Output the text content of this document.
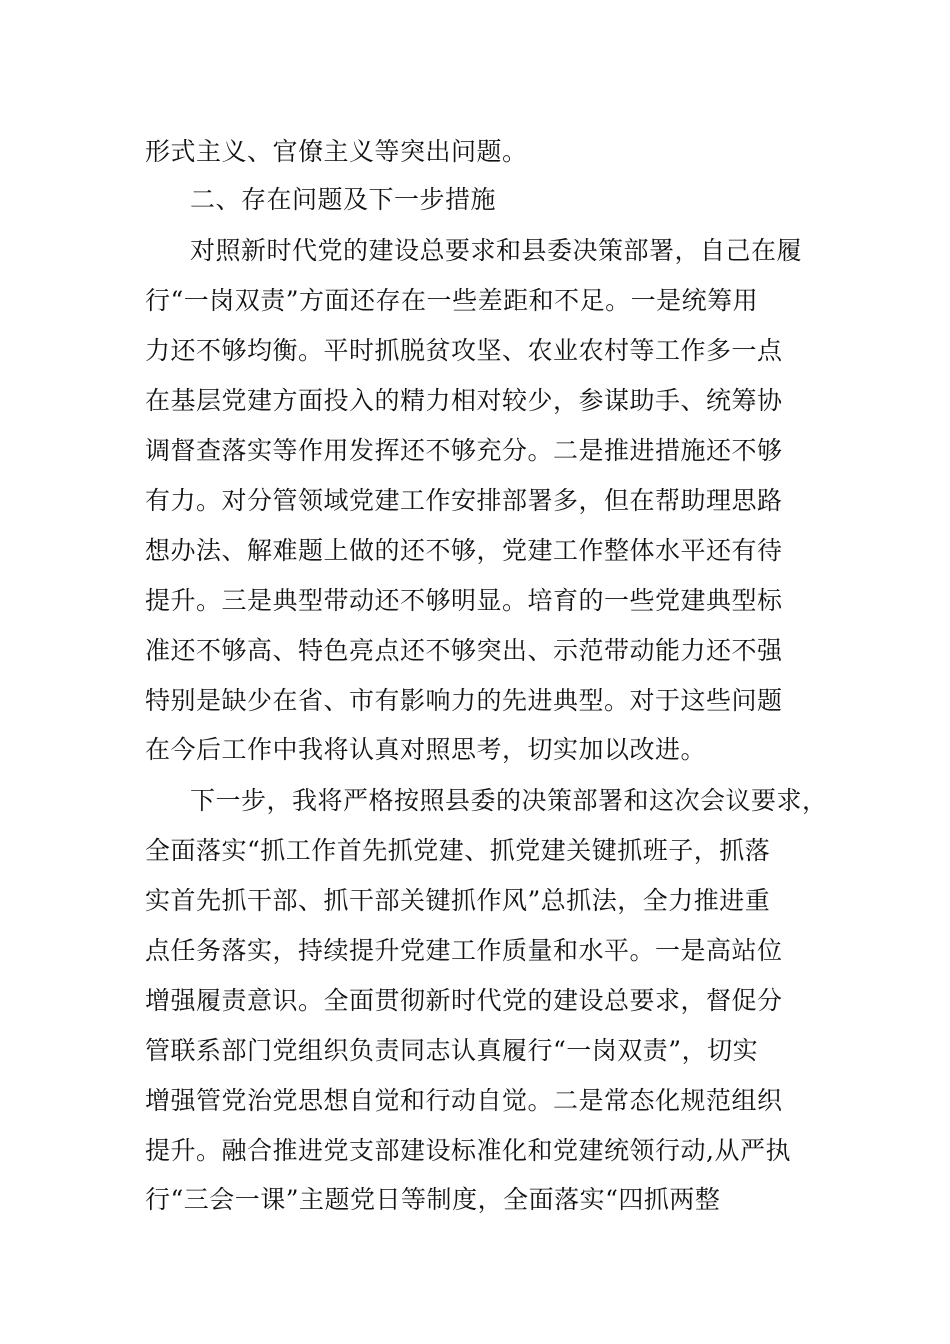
形式主义、官僚主义等突出问题。
二、存在问题及下一步措施
对照新时代党的建设总要求和县委决策部署，自己在履
行“一岗双责”方面还存在一些差距和不足。一是统筹用
力还不够均衡。平时抓脱贫攻坚、农业农村等工作多一点
在基层党建方面投入的精力相对较少，参谋助手、统筹协
调督查落实等作用发挥还不够充分。二是推进措施还不够
有力。对分管领域党建工作安排部署多，但在帮助理思路
想办法、解难题上做的还不够，党建工作整体水平还有待
提升。三是典型带动还不够明显。培育的一些党建典型标
准还不够高、特色亮点还不够突出、示范带动能力还不强
特别是缺少在省、市有影响力的先进典型。对于这些问题
在今后工作中我将认真对照思考，切实加以改进。
下一步，我将严格按照县委的决策部署和这次会议要求，
全面落实“抓工作首先抓党建、抓党建关键抓班子，抓落
实首先抓干部、抓干部关键抓作风”总抓法，全力推进重
点任务落实，持续提升党建工作质量和水平。一是高站位
增强履责意识。全面贯彻新时代党的建设总要求，督促分
管联系部门党组织负责同志认真履行“一岗双责”，切实
增强管党治党思想自觉和行动自觉。二是常态化规范组织
提升。融合推进党支部建设标准化和党建统领行动,从严执
行“三会一课”主题党日等制度，全面落实“四抓两整
